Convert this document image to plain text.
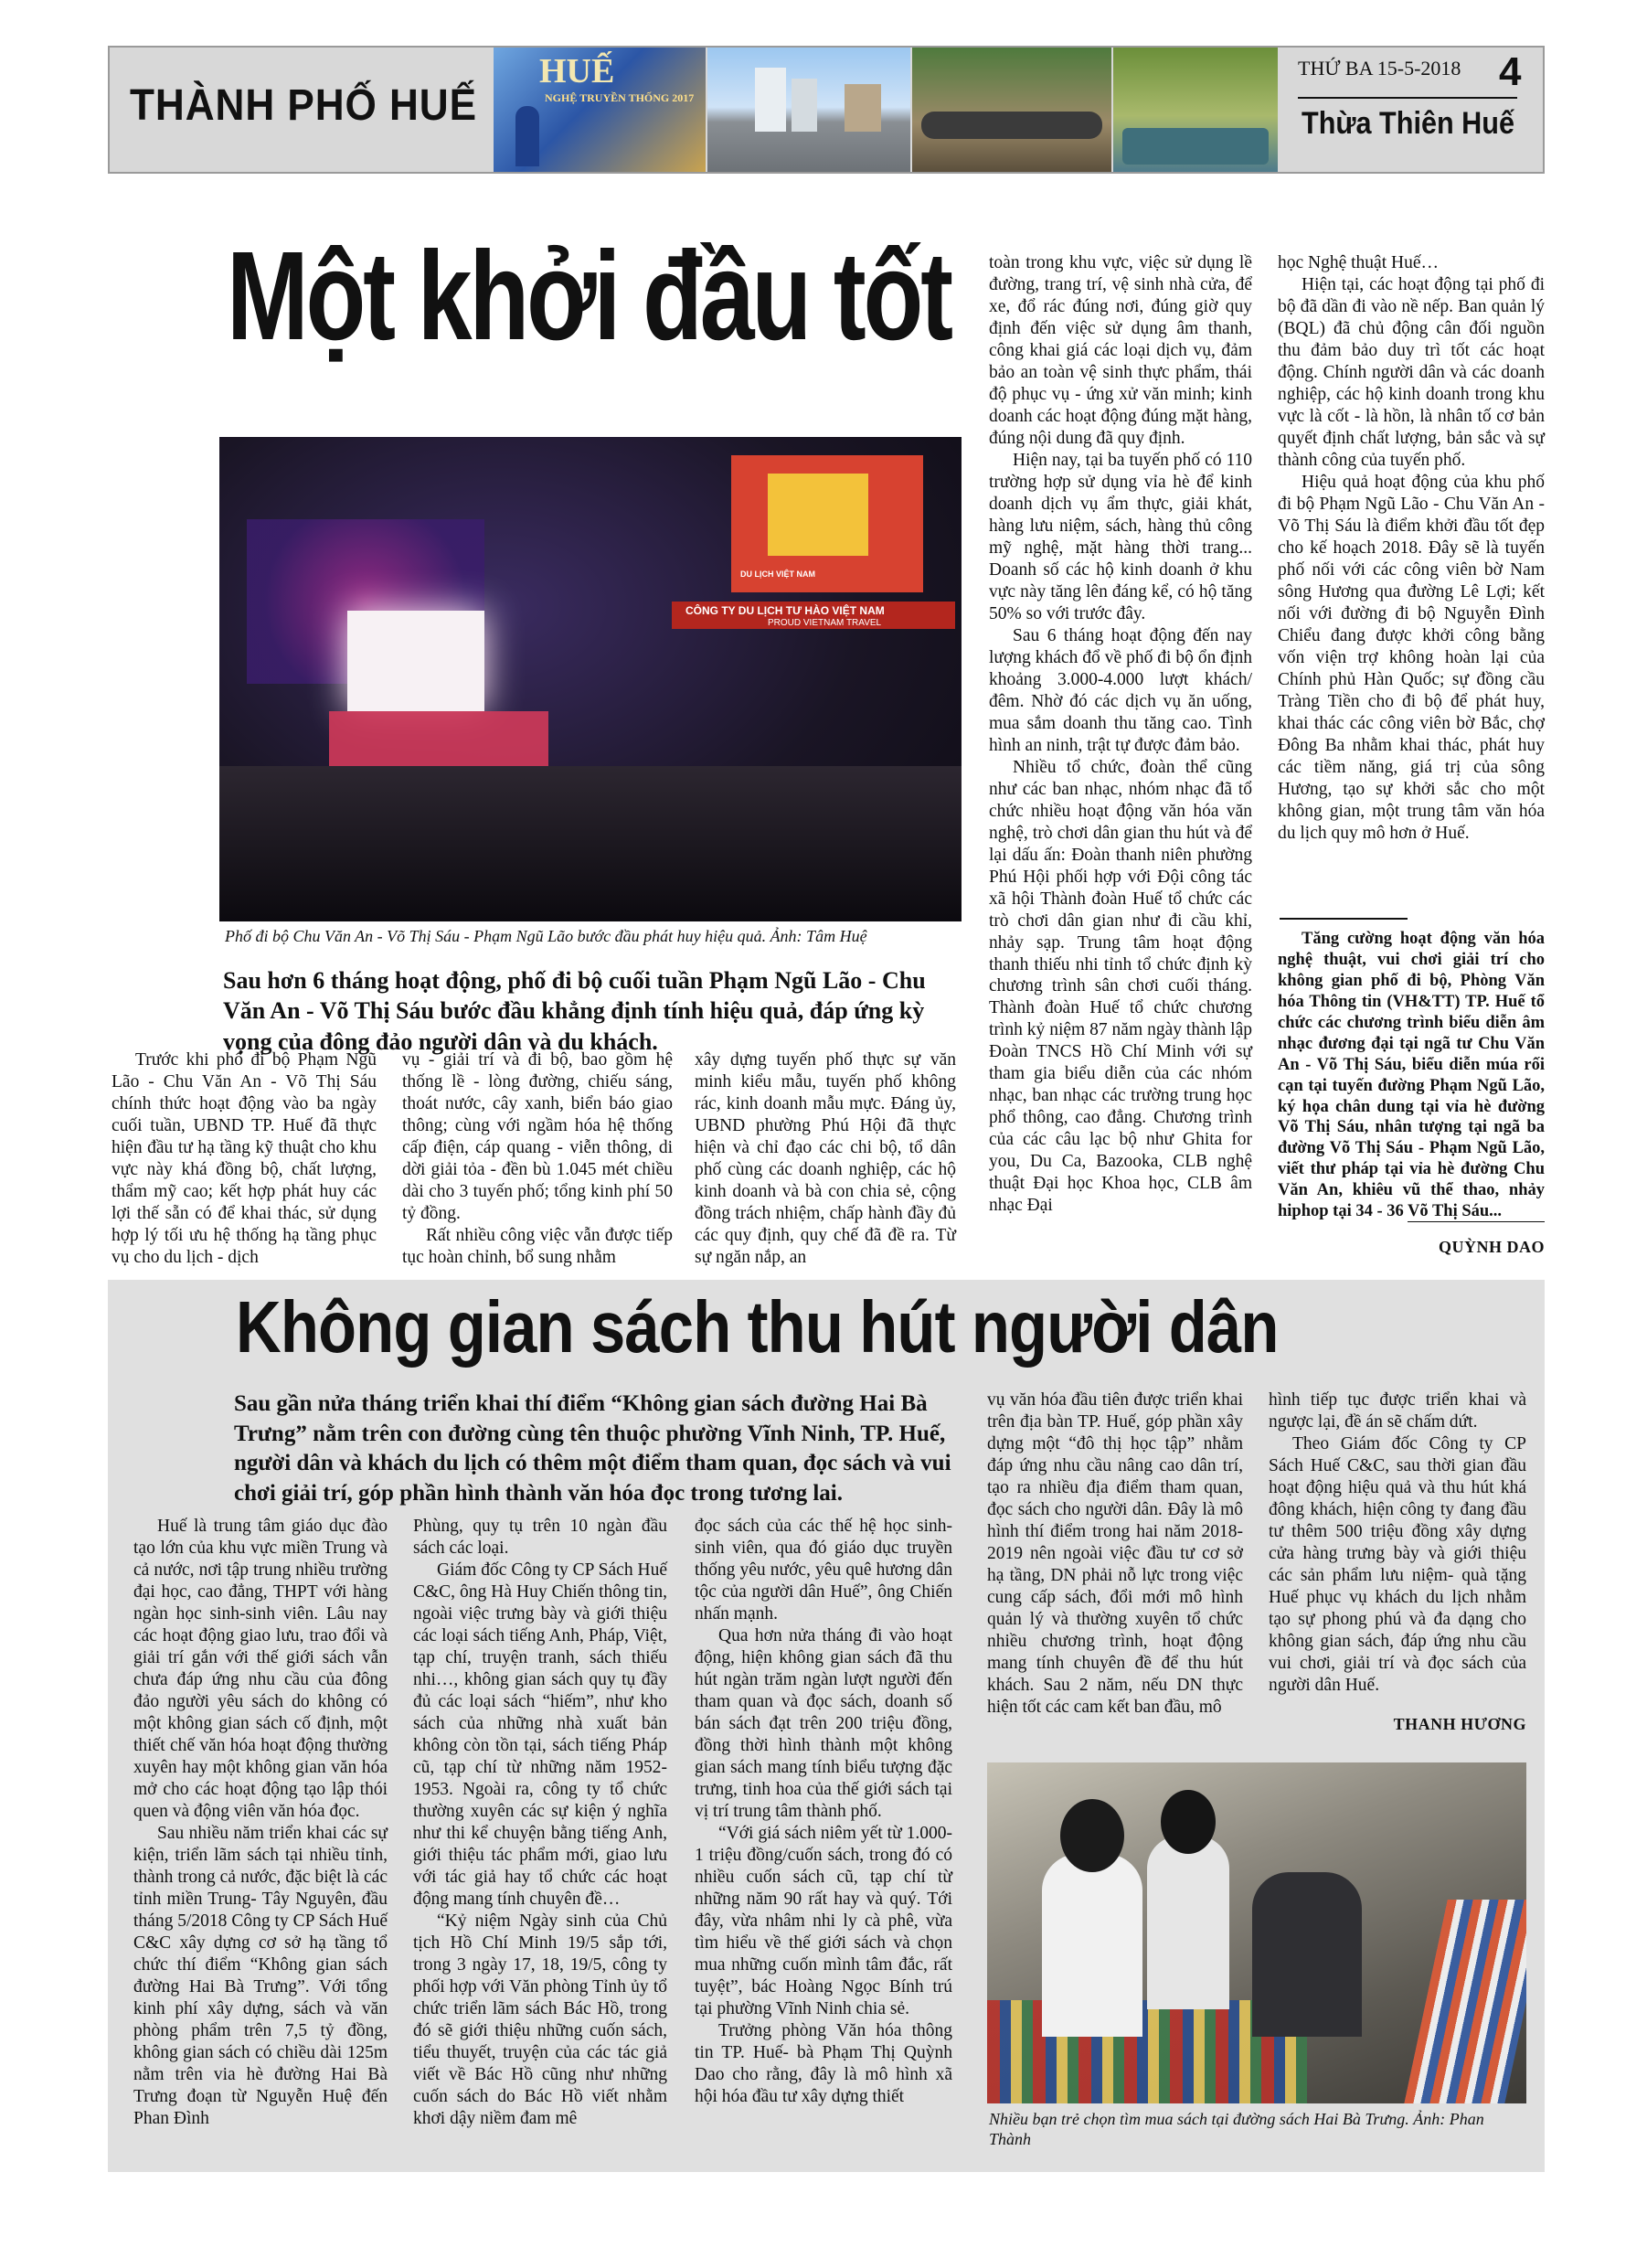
THÀNH PHỐ HUẾ
HUẾ
NGHỆ TRUYỀN THỐNG 2017
THỨ BA 15-5-2018 4
Thừa Thiên Huế
Một khởi đầu tốt
DU LỊCH VIỆT NAM
CÔNG TY DU LỊCH TƯ HÀO VIỆT NAM
PROUD VIETNAM TRAVEL
Phố đi bộ Chu Văn An - Võ Thị Sáu - Phạm Ngũ Lão bước đầu phát huy hiệu quả. Ảnh: Tâm Huệ
Sau hơn 6 tháng hoạt động, phố đi bộ cuối tuần Phạm Ngũ Lão - Chu Văn An - Võ Thị Sáu bước đầu khẳng định tính hiệu quả, đáp ứng kỳ vọng của đông đảo người dân và du khách.

Trước khi phố đi bộ Phạm Ngũ Lão - Chu Văn An - Võ Thị Sáu chính thức hoạt động vào ba ngày cuối tuần, UBND TP. Huế đã thực hiện đầu tư hạ tầng kỹ thuật cho khu vực này khá đồng bộ, chất lượng, thẩm mỹ cao; kết hợp phát huy các lợi thế sẵn có để khai thác, sử dụng hợp lý tối ưu hệ thống hạ tầng phục vụ cho du lịch - dịch

vụ - giải trí và đi bộ, bao gồm hệ thống lề - lòng đường, chiếu sáng, thoát nước, cây xanh, biển báo giao thông; cùng với ngầm hóa hệ thống cấp điện, cáp quang - viễn thông, di dời giải tỏa - đền bù 1.045 mét chiều dài cho 3 tuyến phố; tổng kinh phí 50 tỷ đồng.

Rất nhiều công việc vẫn được tiếp tục hoàn chỉnh, bổ sung nhằm

xây dựng tuyến phố thực sự văn minh kiểu mẫu, tuyến phố không rác, kinh doanh mẫu mực. Đáng ủy, UBND phường Phú Hội đã thực hiện và chỉ đạo các chi bộ, tổ dân phố cùng các doanh nghiệp, các hộ kinh doanh và bà con chia sẻ, cộng đồng trách nhiệm, chấp hành đầy đủ các quy định, quy chế đã đề ra. Từ sự ngăn nắp, an

toàn trong khu vực, việc sử dụng lề đường, trang trí, vệ sinh nhà cửa, để xe, đổ rác đúng nơi, đúng giờ quy định đến việc sử dụng âm thanh, công khai giá các loại dịch vụ, đảm bảo an toàn vệ sinh thực phẩm, thái độ phục vụ - ứng xử văn minh; kinh doanh các hoạt động đúng mặt hàng, đúng nội dung đã quy định.

Hiện nay, tại ba tuyến phố có 110 trường hợp sử dụng vỉa hè để kinh doanh dịch vụ ẩm thực, giải khát, hàng lưu niệm, sách, hàng thủ công mỹ nghệ, mặt hàng thời trang... Doanh số các hộ kinh doanh ở khu vực này tăng lên đáng kể, có hộ tăng 50% so với trước đây.

Sau 6 tháng hoạt động đến nay lượng khách đổ về phố đi bộ ổn định khoảng 3.000-4.000 lượt khách/đêm. Nhờ đó các dịch vụ ăn uống, mua sắm doanh thu tăng cao. Tình hình an ninh, trật tự được đảm bảo.

Nhiều tổ chức, đoàn thể cũng như các ban nhạc, nhóm nhạc đã tổ chức nhiều hoạt động văn hóa văn nghệ, trò chơi dân gian thu hút và để lại dấu ấn: Đoàn thanh niên phường Phú Hội phối hợp với Đội công tác xã hội Thành đoàn Huế tổ chức các trò chơi dân gian như đi cầu khỉ, nhảy sạp. Trung tâm hoạt động thanh thiếu nhi tỉnh tổ chức định kỳ chương trình sân chơi cuối tháng. Thành đoàn Huế tổ chức chương trình kỷ niệm 87 năm ngày thành lập Đoàn TNCS Hồ Chí Minh với sự tham gia biểu diễn của các nhóm nhạc, ban nhạc các trường trung học phổ thông, cao đẳng. Chương trình của các câu lạc bộ như Ghita for you, Du Ca, Bazooka, CLB nghệ thuật Đại học Khoa học, CLB âm nhạc Đại

học Nghệ thuật Huế…

Hiện tại, các hoạt động tại phố đi bộ đã dần đi vào nề nếp. Ban quản lý (BQL) đã chủ động cân đối nguồn thu đảm bảo duy trì tốt các hoạt động. Chính người dân và các doanh nghiệp, các hộ kinh doanh trong khu vực là cốt - là hồn, là nhân tố cơ bản quyết định chất lượng, bản sắc và sự thành công của tuyến phố.

Hiệu quả hoạt động của khu phố đi bộ Phạm Ngũ Lão - Chu Văn An - Võ Thị Sáu là điểm khởi đầu tốt đẹp cho kế hoạch 2018. Đây sẽ là tuyến phố nối với các công viên bờ Nam sông Hương qua đường Lê Lợi; kết nối với đường đi bộ Nguyễn Đình Chiểu đang được khởi công bằng vốn viện trợ không hoàn lại của Chính phủ Hàn Quốc; sự đồng cầu Tràng Tiền cho đi bộ để phát huy, khai thác các công viên bờ Bắc, chợ Đông Ba nhằm khai thác, phát huy các tiềm năng, giá trị của sông Hương, tạo sự khởi sắc cho một không gian, một trung tâm văn hóa du lịch quy mô hơn ở Huế.

Tăng cường hoạt động văn hóa nghệ thuật, vui chơi giải trí cho không gian phố đi bộ, Phòng Văn hóa Thông tin (VH&TT) TP. Huế tổ chức các chương trình biểu diễn âm nhạc đương đại tại ngã tư Chu Văn An - Võ Thị Sáu, biểu diễn múa rối cạn tại tuyến đường Phạm Ngũ Lão, ký họa chân dung tại vỉa hè đường Võ Thị Sáu, nhân tượng tại ngã ba đường Võ Thị Sáu - Phạm Ngũ Lão, viết thư pháp tại vỉa hè đường Chu Văn An, khiêu vũ thể thao, nhảy hiphop tại 34 - 36 Võ Thị Sáu...
QUỲNH DAO
Không gian sách thu hút người dân
Sau gần nửa tháng triển khai thí điểm “Không gian sách đường Hai Bà Trưng” nằm trên con đường cùng tên thuộc phường Vĩnh Ninh, TP. Huế, người dân và khách du lịch có thêm một điểm tham quan, đọc sách và vui chơi giải trí, góp phần hình thành văn hóa đọc trong tương lai.

Huế là trung tâm giáo dục đào tạo lớn của khu vực miền Trung và cả nước, nơi tập trung nhiều trường đại học, cao đẳng, THPT với hàng ngàn học sinh-sinh viên. Lâu nay các hoạt động giao lưu, trao đổi và giải trí gắn với thế giới sách vẫn chưa đáp ứng nhu cầu của đông đảo người yêu sách do không có một không gian sách cố định, một thiết chế văn hóa hoạt động thường xuyên hay một không gian văn hóa mở cho các hoạt động tạo lập thói quen và động viên văn hóa đọc.

Sau nhiều năm triển khai các sự kiện, triển lãm sách tại nhiều tỉnh, thành trong cả nước, đặc biệt là các tỉnh miền Trung- Tây Nguyên, đầu tháng 5/2018 Công ty CP Sách Huế C&C xây dựng cơ sở hạ tầng tổ chức thí điểm “Không gian sách đường Hai Bà Trưng”. Với tổng kinh phí xây dựng, sách và văn phòng phẩm trên 7,5 tỷ đồng, không gian sách có chiều dài 125m nằm trên via hè đường Hai Bà Trưng đoạn từ Nguyễn Huệ đến Phan Đình

Phùng, quy tụ trên 10 ngàn đầu sách các loại.

Giám đốc Công ty CP Sách Huế C&C, ông Hà Huy Chiến thông tin, ngoài việc trưng bày và giới thiệu các loại sách tiếng Anh, Pháp, Việt, tạp chí, truyện tranh, sách thiếu nhi…, không gian sách quy tụ đầy đủ các loại sách “hiếm”, như kho sách của những nhà xuất bản không còn tồn tại, sách tiếng Pháp cũ, tạp chí từ những năm 1952-1953. Ngoài ra, công ty tổ chức thường xuyên các sự kiện ý nghĩa như thi kể chuyện bằng tiếng Anh, giới thiệu tác phẩm mới, giao lưu với tác giả hay tổ chức các hoạt động mang tính chuyên đề…

“Kỷ niệm Ngày sinh của Chủ tịch Hồ Chí Minh 19/5 sắp tới, trong 3 ngày 17, 18, 19/5, công ty phối hợp với Văn phòng Tỉnh ủy tổ chức triển lãm sách Bác Hồ, trong đó sẽ giới thiệu những cuốn sách, tiểu thuyết, truyện của các tác giả viết về Bác Hồ cũng như những cuốn sách do Bác Hồ viết nhằm khơi dậy niềm đam mê

đọc sách của các thế hệ học sinh-sinh viên, qua đó giáo dục truyền thống yêu nước, yêu quê hương dân tộc của người dân Huế”, ông Chiến nhấn mạnh.

Qua hơn nửa tháng đi vào hoạt động, hiện không gian sách đã thu hút ngàn trăm ngàn lượt người đến tham quan và đọc sách, doanh số bán sách đạt trên 200 triệu đồng, đồng thời hình thành một không gian sách mang tính biểu tượng đặc trưng, tinh hoa của thế giới sách tại vị trí trung tâm thành phố.

“Với giá sách niêm yết từ 1.000- 1 triệu đồng/cuốn sách, trong đó có nhiều cuốn sách cũ, tạp chí từ những năm 90 rất hay và quý. Tới đây, vừa nhâm nhi ly cà phê, vừa tìm hiểu về thế giới sách và chọn mua những cuốn mình tâm đắc, rất tuyệt”, bác Hoàng Ngọc Bính trú tại phường Vĩnh Ninh chia sẻ.

Trưởng phòng Văn hóa thông tin TP. Huế- bà Phạm Thị Quỳnh Dao cho rằng, đây là mô hình xã hội hóa đầu tư xây dựng thiết

vụ văn hóa đầu tiên được triển khai trên địa bàn TP. Huế, góp phần xây dựng một “đô thị học tập” nhằm đáp ứng nhu cầu nâng cao dân trí, tạo ra nhiều địa điểm tham quan, đọc sách cho người dân. Đây là mô hình thí điểm trong hai năm 2018- 2019 nên ngoài việc đầu tư cơ sở hạ tầng, DN phải nỗ lực trong việc cung cấp sách, đổi mới mô hình quản lý và thường xuyên tổ chức nhiều chương trình, hoạt động mang tính chuyên đề để thu hút khách. Sau 2 năm, nếu DN thực hiện tốt các cam kết ban đầu, mô

hình tiếp tục được triển khai và ngược lại, đề án sẽ chấm dứt.

Theo Giám đốc Công ty CP Sách Huế C&C, sau thời gian đầu hoạt động hiệu quả và thu hút khá đông khách, hiện công ty đang đầu tư thêm 500 triệu đồng xây dựng cửa hàng trưng bày và giới thiệu các sản phẩm lưu niệm- quà tặng Huế phục vụ khách du lịch nhằm tạo sự phong phú và đa dạng cho không gian sách, đáp ứng nhu cầu vui chơi, giải trí và đọc sách của người dân Huế.

THANH HƯƠNG
Nhiều bạn trẻ chọn tìm mua sách tại đường sách Hai Bà Trưng. Ảnh: Phan Thành
